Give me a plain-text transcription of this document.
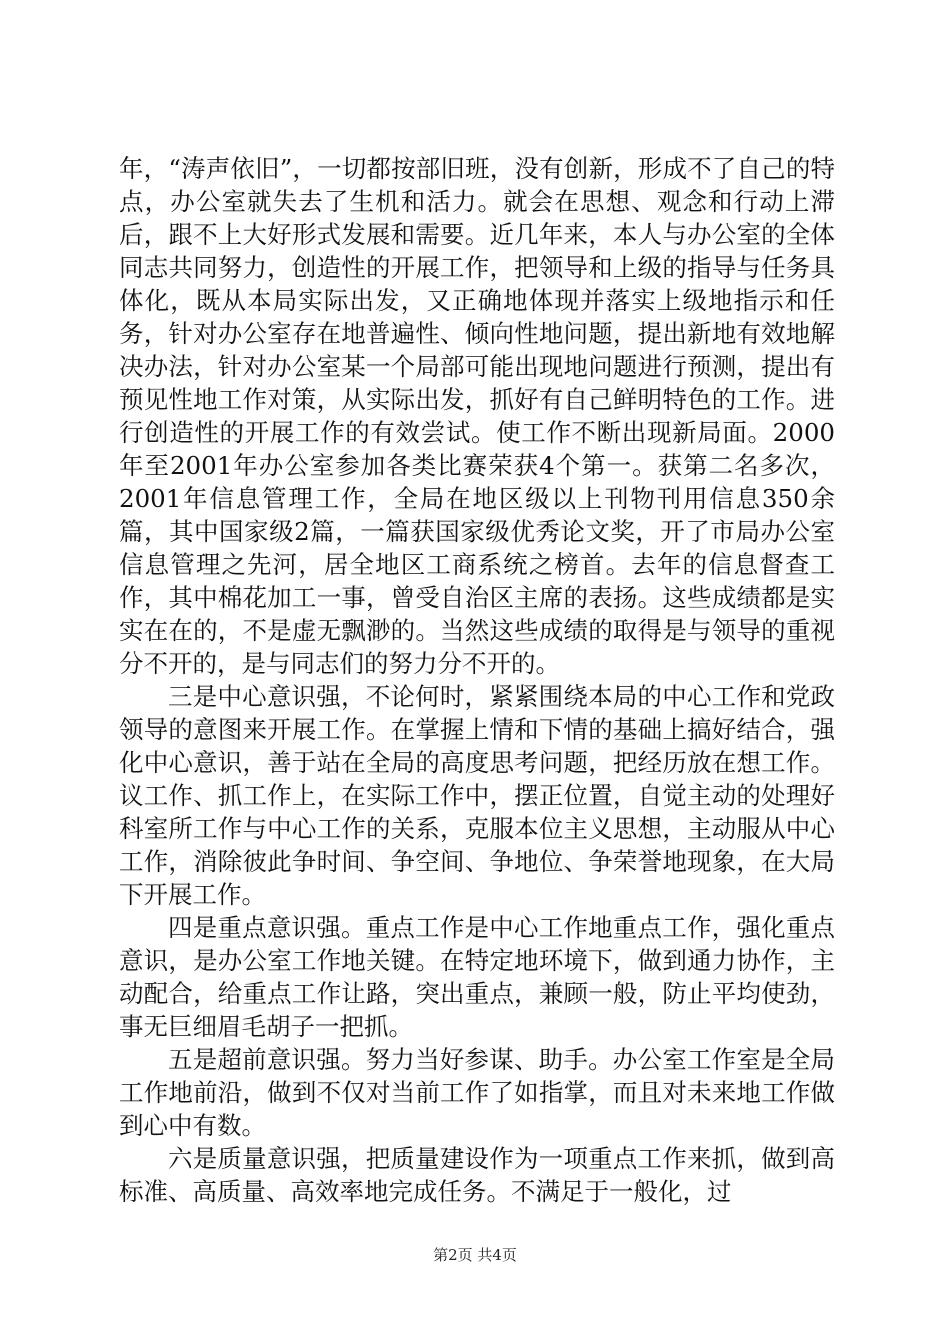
年，“涛声依旧”，一切都按部旧班，没有创新，形成不了自己的特点，办公室就失去了生机和活力。就会在思想、观念和行动上滞后，跟不上大好形式发展和需要。近几年来，本人与办公室的全体同志共同努力，创造性的开展工作，把领导和上级的指导与任务具体化，既从本局实际出发，又正确地体现并落实上级地指示和任务，针对办公室存在地普遍性、倾向性地问题，提出新地有效地解决办法，针对办公室某一个局部可能出现地问题进行预测，提出有预见性地工作对策，从实际出发，抓好有自己鲜明特色的工作。进行创造性的开展工作的有效尝试。使工作不断出现新局面。2000年至2001年办公室参加各类比赛荣获4个第一。获第二名多次，2001年信息管理工作，全局在地区级以上刊物刊用信息350余篇，其中国家级2篇，一篇获国家级优秀论文奖，开了市局办公室信息管理之先河，居全地区工商系统之榜首。去年的信息督查工作，其中棉花加工一事，曾受自治区主席的表扬。这些成绩都是实实在在的，不是虚无飘渺的。当然这些成绩的取得是与领导的重视分不开的，是与同志们的努力分不开的。

三是中心意识强，不论何时，紧紧围绕本局的中心工作和党政领导的意图来开展工作。在掌握上情和下情的基础上搞好结合，强化中心意识，善于站在全局的高度思考问题，把经历放在想工作。议工作、抓工作上，在实际工作中，摆正位置，自觉主动的处理好科室所工作与中心工作的关系，克服本位主义思想，主动服从中心工作，消除彼此争时间、争空间、争地位、争荣誉地现象，在大局下开展工作。

四是重点意识强。重点工作是中心工作地重点工作，强化重点意识，是办公室工作地关键。在特定地环境下，做到通力协作，主动配合，给重点工作让路，突出重点，兼顾一般，防止平均使劲，事无巨细眉毛胡子一把抓。

五是超前意识强。努力当好参谋、助手。办公室工作室是全局工作地前沿，做到不仅对当前工作了如指掌，而且对未来地工作做到心中有数。

六是质量意识强，把质量建设作为一项重点工作来抓，做到高标准、高质量、高效率地完成任务。不满足于一般化，过

第2页 共4页
